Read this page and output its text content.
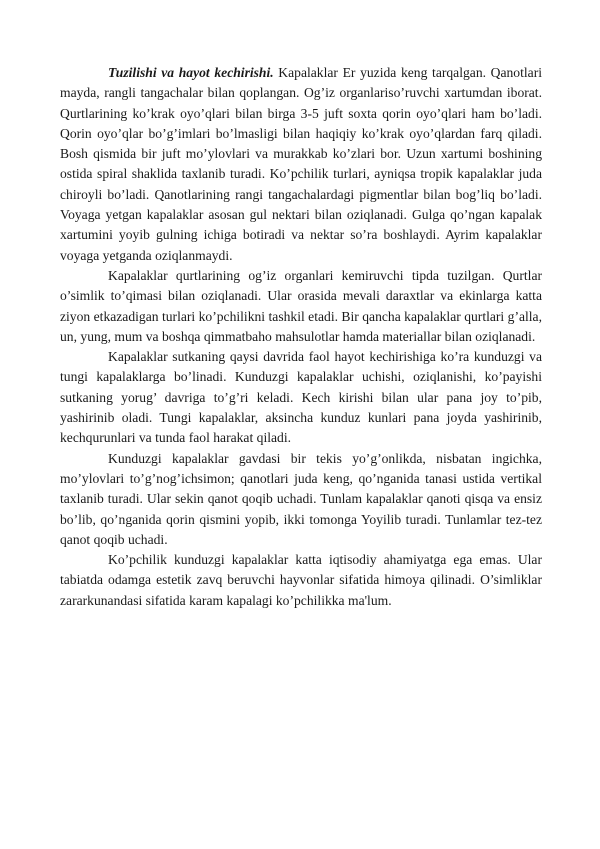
Tuzilishi va hayot kechirishi. Kapalaklar Er yuzida keng tarqalgan. Qanotlari mayda, rangli tangachalar bilan qoplangan. Og’iz organlariso’ruvchi xartumdan iborat. Qurtlarining ko’krak oyo’qlari bilan birga 3-5 juft soxta qorin oyo’qlari ham bo’ladi. Qorin oyo’qlar bo’g’imlari bo’lmasligi bilan haqiqiy ko’krak oyo’qlardan farq qiladi. Bosh qismida bir juft mo’ylovlari va murakkab ko’zlari bor. Uzun xartumi boshining ostida spiral shaklida taxlanib turadi. Ko’pchilik turlari, ayniqsa tropik kapalaklar juda chiroyli bo’ladi. Qanotlarining rangi tangachalardagi pigmentlar bilan bog’liq bo’ladi. Voyaga yetgan kapalaklar asosan gul nektari bilan oziqlanadi. Gulga qo’ngan kapalak xartumini yoyib gulning ichiga botiradi va nektar so’ra boshlaydi. Ayrim kapalaklar voyaga yetganda oziqlanmaydi.

Kapalaklar qurtlarining og’iz organlari kemiruvchi tipda tuzilgan. Qurtlar o’simlik to’qimasi bilan oziqlanadi. Ular orasida mevali daraxtlar va ekinlarga katta ziyon etkazadigan turlari ko’pchilikni tashkil etadi. Bir qancha kapalaklar qurtlari g’alla, un, yung, mum va boshqa qimmatbaho mahsulotlar hamda materiallar bilan oziqlanadi.

Kapalaklar sutkaning qaysi davrida faol hayot kechirishiga ko’ra kunduzgi va tungi kapalaklarga bo’linadi. Kunduzgi kapalaklar uchishi, oziqlanishi, ko’payishi sutkaning yorug’ davriga to’g’ri keladi. Kech kirishi bilan ular pana joy to’pib, yashirinib oladi. Tungi kapalaklar, aksincha kunduz kunlari pana joyda yashirinib, kechqurunlari va tunda faol harakat qiladi.

Kunduzgi kapalaklar gavdasi bir tekis yo’g’onlikda, nisbatan ingichka, mo’ylovlari to’g’nog’ichsimon; qanotlari juda keng, qo’nganida tanasi ustida vertikal taxlanib turadi. Ular sekin qanot qoqib uchadi. Tunlam kapalaklar qanoti qisqa va ensiz bo’lib, qo’nganida qorin qismini yopib, ikki tomonga Yoyilib turadi. Tunlamlar tez-tez qanot qoqib uchadi.

Ko’pchilik kunduzgi kapalaklar katta iqtisodiy ahamiyatga ega emas. Ular tabiatda odamga estetik zavq beruvchi hayvonlar sifatida himoya qilinadi. O’simliklar zararkunandasi sifatida karam kapalagi ko’pchilikka ma'lum.
